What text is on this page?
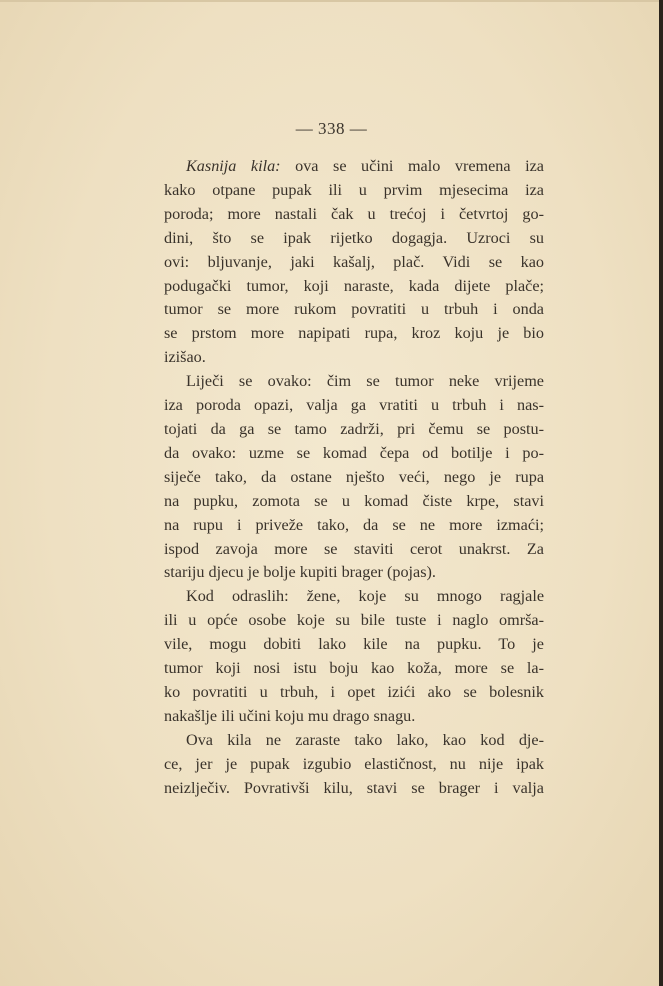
— 338 —
Kasnija kila: ova se učini malo vremena iza
kako otpane pupak ili u prvim mjesecima iza
poroda; more nastali čak u trećoj i četvrtoj go-
dini, što se ipak rijetko dogagja. Uzroci su
ovi: bljuvanje, jaki kašalj, plač. Vidi se kao
podugački tumor, koji naraste, kada dijete plače;
tumor se more rukom povratiti u trbuh i onda
se prstom more napipati rupa, kroz koju je bio
izišao.
Liječi se ovako: čim se tumor neke vrijeme
iza poroda opazi, valja ga vratiti u trbuh i nas-
tojati da ga se tamo zadrži, pri čemu se postu-
da ovako: uzme se komad čepa od botilje i po-
siječe tako, da ostane nješto veći, nego je rupa
na pupku, zomota se u komad čiste krpe, stavi
na rupu i priveže tako, da se ne more izmaći;
ispod zavoja more se staviti cerot unakrst. Za
stariju djecu je bolje kupiti brager (pojas).
Kod odraslih: žene, koje su mnogo ragjale
ili u opće osobe koje su bile tuste i naglo omrša-
vile, mogu dobiti lako kile na pupku. To je
tumor koji nosi istu boju kao koža, more se la-
ko povratiti u trbuh, i opet izići ako se bolesnik
nakašlje ili učini koju mu drago snagu.
Ova kila ne zaraste tako lako, kao kod dje-
ce, jer je pupak izgubio elastičnost, nu nije ipak
neizlječiv. Povrativši kilu, stavi se brager i valja
